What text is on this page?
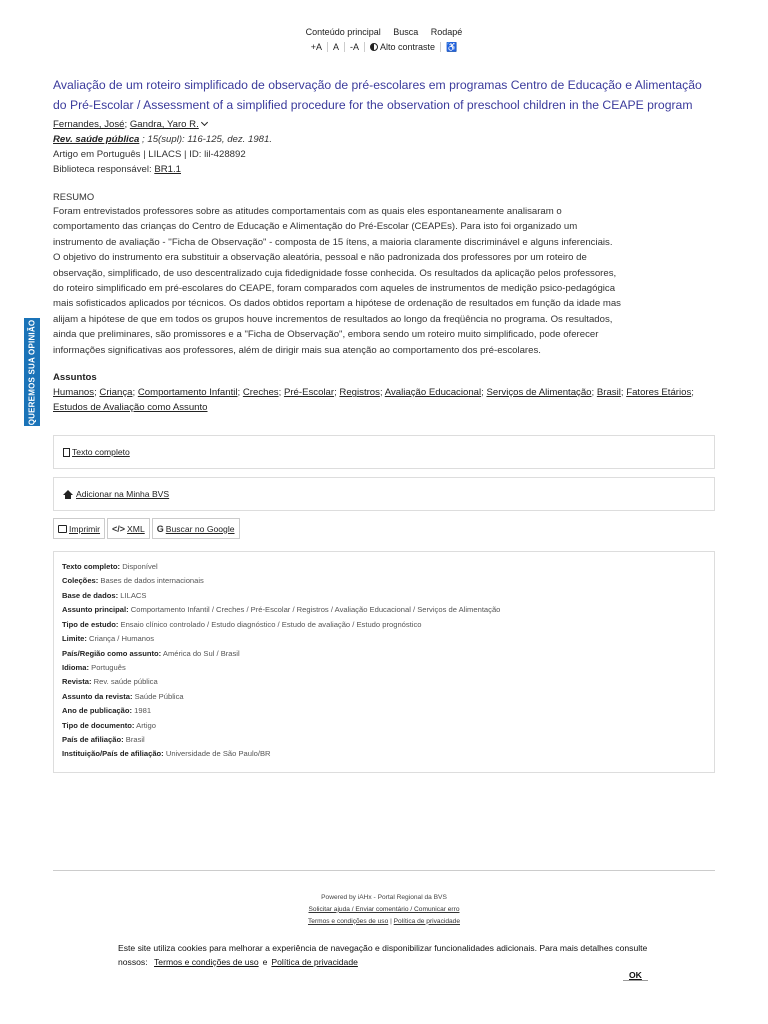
Conteúdo principal Busca Rodapé
+A	A	-A	Alto contraste	♿
QUEREMOS SUA OPINIÃO
Avaliação de um roteiro simplificado de observação de pré-escolares em programas Centro de Educação e Alimentação do Pré-Escolar / Assessment of a simplified procedure for the observation of preschool children in the CEAPE program
Fernandes, José; Gandra, Yaro R.
Rev. saúde pública ; 15(supl): 116-125, dez. 1981.
Artigo em Português | LILACS | ID: lil-428892
Biblioteca responsável: BR1.1
RESUMO

Foram entrevistados professores sobre as atitudes comportamentais com as quais eles espontaneamente analisaram o comportamento das crianças do Centro de Educação e Alimentação do Pré-Escolar (CEAPEs). Para isto foi organizado um instrumento de avaliação - ''Ficha de Observação" - composta de 15 ítens, a maioria claramente discriminável e alguns inferenciais. O objetivo do instrumento era substituir a observação aleatória, pessoal e não padronizada dos professores por um roteiro de observação, simplificado, de uso descentralizado cuja fidedignidade fosse conhecida. Os resultados da aplicação pelos professores, do roteiro simplificado em pré-escolares do CEAPE, foram comparados com aqueles de instrumentos de medição psico-pedagógica mais sofisticados aplicados por técnicos. Os dados obtidos reportam a hipótese de ordenação de resultados em função da idade mas alijam a hipótese de que em todos os grupos houve incrementos de resultados ao longo da freqüência no programa. Os resultados, ainda que preliminares, são promissores e a "Ficha de Observação", embora sendo um roteiro muito simplificado, pode oferecer informações significativas aos professores, além de dirigir mais sua atenção ao comportamento dos pré-escolares.

Assuntos
Humanos; Criança; Comportamento Infantil; Creches; Pré-Escolar; Registros; Avaliação Educacional; Serviços de Alimentação; Brasil; Fatores Etários; Estudos de Avaliação como Assunto
Texto completo
Adicionar na Minha BVS
Imprimir </> XML G Buscar no Google
Texto completo: Disponível
Coleções: Bases de dados internacionais
Base de dados: LILACS
Assunto principal: Comportamento Infantil / Creches / Pré-Escolar / Registros / Avaliação Educacional / Serviços de Alimentação
Tipo de estudo: Ensaio clínico controlado / Estudo diagnóstico / Estudo de avaliação / Estudo prognóstico
Limite: Criança / Humanos
País/Região como assunto: América do Sul / Brasil
Idioma: Português
Revista: Rev. saúde pública
Assunto da revista: Saúde Pública
Ano de publicação: 1981
Tipo de documento: Artigo
País de afiliação: Brasil
Instituição/País de afiliação: Universidade de São Paulo/BR
Powered by iAHx - Portal Regional da BVS
Solicitar ajuda / Enviar comentário / Comunicar erro
Termos e condições de uso | Política de privacidade
Este site utiliza cookies para melhorar a experiência de navegação e disponibilizar funcionalidades adicionais. Para mais detalhes consulte nossos: Termos e condições de uso e Política de privacidade
OK
